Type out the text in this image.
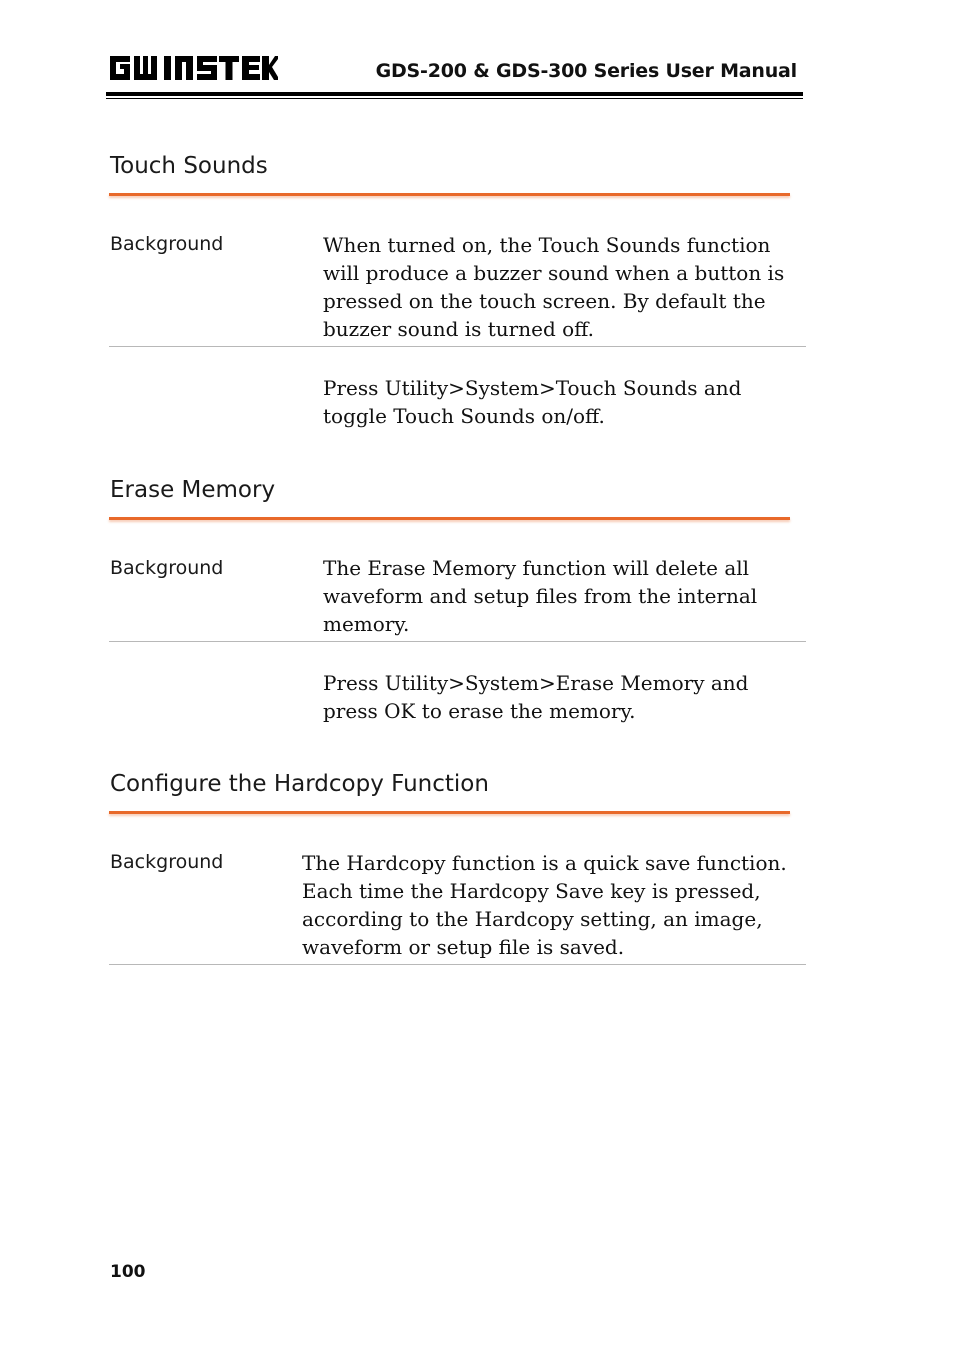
GDS-200 & GDS-300 Series User Manual
Touch Sounds
Background	When turned on, the Touch Sounds function will produce a buzzer sound when a button is pressed on the touch screen. By default the buzzer sound is turned off.
Press Utility>System>Touch Sounds and toggle Touch Sounds on/off.
Erase Memory
Background	The Erase Memory function will delete all waveform and setup files from the internal memory.
Press Utility>System>Erase Memory and press OK to erase the memory.
Configure the Hardcopy Function
Background	The Hardcopy function is a quick save function. Each time the Hardcopy Save key is pressed, according to the Hardcopy setting, an image, waveform or setup file is saved.
100
